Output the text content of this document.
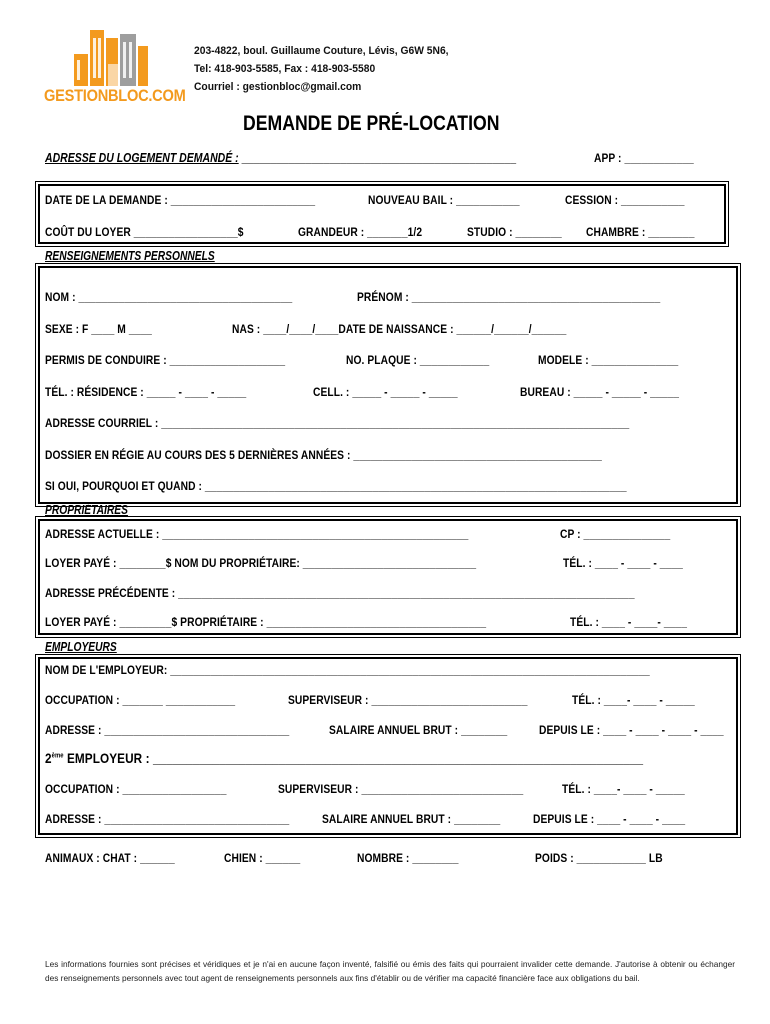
GESTIONBLOC.COM
203-4822, boul. Guillaume Couture, Lévis, G6W 5N6,
Tel: 418-903-5585, Fax : 418-903-5580
Courriel : gestionbloc@gmail.com
DEMANDE DE PRÉ-LOCATION
ADRESSE DU LOGEMENT DEMANDÉ : _______________________________________________	APP : ____________
DATE DE LA DEMANDE : _________________________	NOUVEAU BAIL : ___________	CESSION : ___________
COÛT DU LOYER __________________$	GRANDEUR : _______1/2	STUDIO : ________ CHAMBRE : ________
RENSEIGNEMENTS PERSONNELS
NOM : _____________________________________	PRÉNOM : ___________________________________________
SEXE : F ____ M ____	NAS : ____/____/____DATE DE NAISSANCE : ______/______/______
PERMIS DE CONDUIRE : ____________________	NO. PLAQUE : ____________	MODELE : _______________
TÉL. : RÉSIDENCE : _____ - ____ - _____	CELL. : _____ - _____ - _____	BUREAU : _____ - _____ - _____
ADRESSE COURRIEL : _________________________________________________________________________________
DOSSIER EN RÉGIE AU COURS DES 5 DERNIÈRES ANNÉES : ___________________________________________
SI OUI, POURQUOI ET QUAND : _________________________________________________________________________
PROPRIÉTAIRES
ADRESSE ACTUELLE : _____________________________________________________	CP : _______________
LOYER PAYÉ : ________$ NOM DU PROPRIÉTAIRE: ______________________________	TÉL. : ____ - ____ - ____
ADRESSE PRÉCÉDENTE : _______________________________________________________________________________
LOYER PAYÉ : _________$ PROPRIÉTAIRE : ______________________________________	TÉL. : ____ - ____- ____
EMPLOYEURS
NOM DE L'EMPLOYEUR: ___________________________________________________________________________________
OCCUPATION : _______ ____________	SUPERVISEUR : ___________________________	TÉL. : ____- ____ - _____
ADRESSE : ________________________________	SALAIRE ANNUEL BRUT : ________	DEPUIS LE : ____ - ____ - ____ - ____
2ème EMPLOYEUR : __________________________________________________________________________
OCCUPATION : __________________	SUPERVISEUR : ____________________________	TÉL. : ____- ____ - _____
ADRESSE : ________________________________	SALAIRE ANNUEL BRUT : ________	DEPUIS LE : ____ - ____ - ____
ANIMAUX : CHAT : ______	CHIEN : ______	NOMBRE : ________	POIDS : ____________ LB
Les informations fournies sont précises et véridiques et je n'ai en aucune façon inventé, falsifié ou émis des faits qui pourraient invalider cette demande. J'autorise à obtenir ou échanger des renseignements personnels avec tout agent de renseignements personnels aux fins d'établir ou de vérifier ma capacité financière face aux obligations du bail.
